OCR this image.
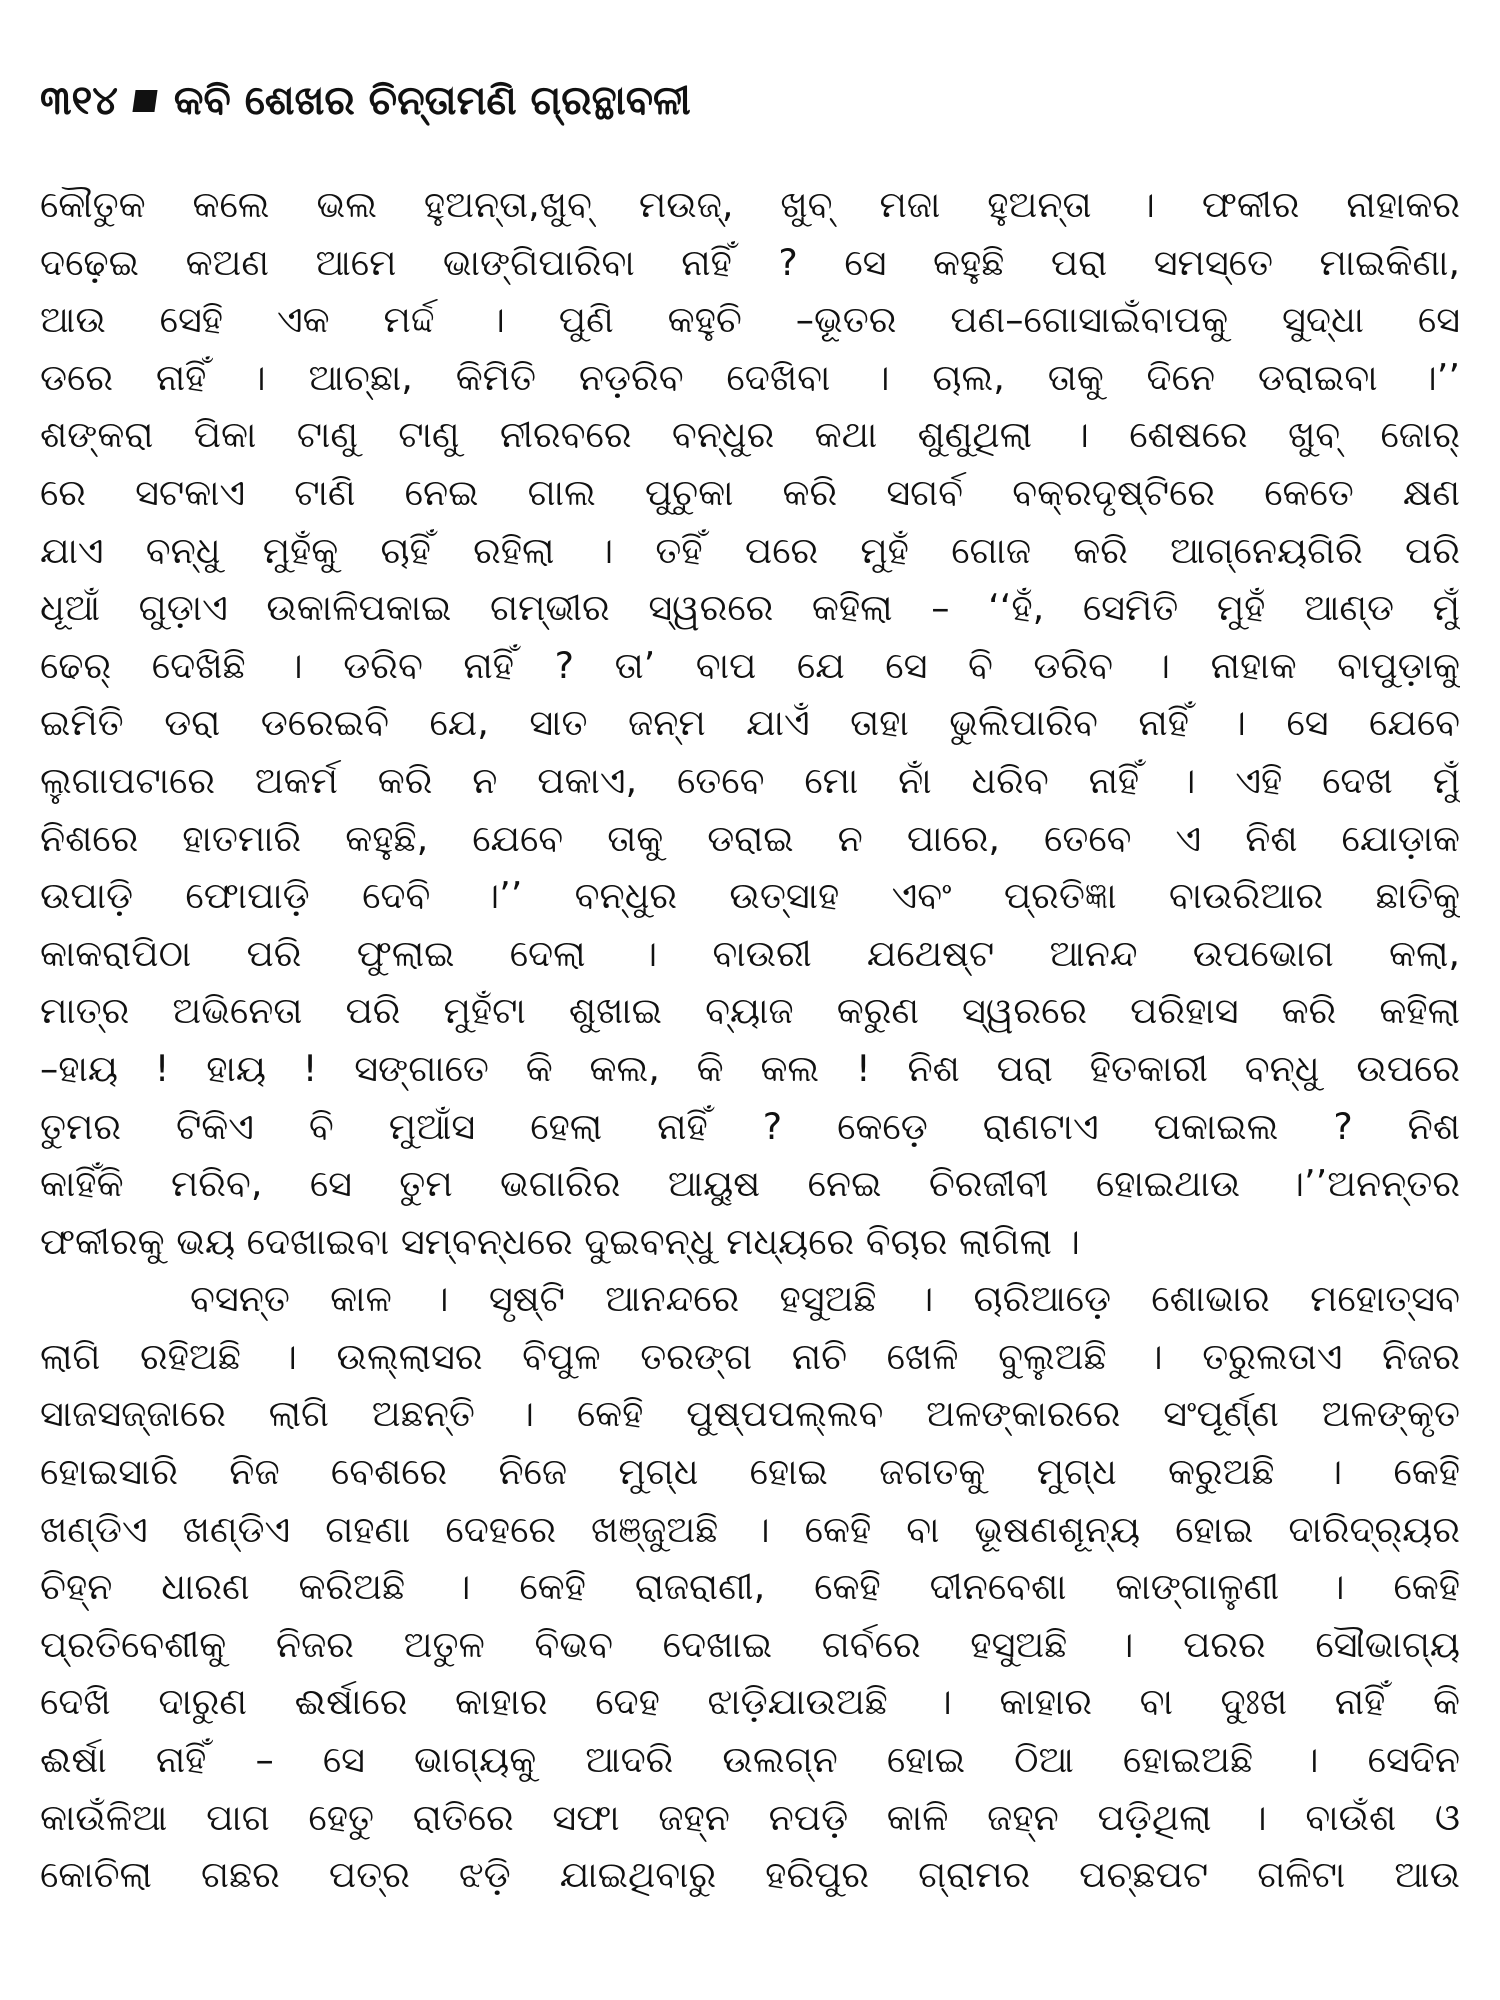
୩୧୪ କବି ଶେଖର ଚିନ୍ତାମଣି ଗ୍ରନ୍ଥାବଳୀ
କୌତୁକ କଲେ ଭଲ ହୁଅନ୍ତା,ଖୁବ୍ ମଉଜ୍, ଖୁବ୍ ମଜା ହୁଅନ୍ତା । ଫକୀର ନାହାକର
ଦଢ଼େଇ କଅଣ ଆମେ ଭାଙ୍ଗିପାରିବା ନାହିଁ ? ସେ କହୁଛି ପରା ସମସ୍ତେ ମାଇକିଣା,
ଆଉ ସେହି ଏକ ମର୍ଦ୍ଦ । ପୁଣି କହୁଚି –ଭୂତର ପଣ–ଗୋସାଇଁବାପକୁ ସୁଦ୍ଧା ସେ
ଡରେ ନାହିଁ । ଆଚ୍ଛା, କିମିତି ନଡ଼ରିବ ଦେଖିବା । ଚାଲ, ତାକୁ ଦିନେ ଡରାଇବା ।’’
ଶଙ୍କରା ପିକା ଟାଣୁ ଟାଣୁ ନୀରବରେ ବନ୍ଧୁର କଥା ଶୁଣୁଥିଲା । ଶେଷରେ ଖୁବ୍ ଜୋର୍
ରେ ସଟକାଏ ଟାଣି ନେଇ ଗାଲ ପୁଚୁକା କରି ସଗର୍ବ ବକ୍ରଦୃଷ୍ଟିରେ କେତେ କ୍ଷଣ
ଯାଏ ବନ୍ଧୁ ମୁହଁକୁ ଚାହିଁ ରହିଲା । ତହିଁ ପରେ ମୁହଁ ଗୋଜ କରି ଆଗ୍ନେୟଗିରି ପରି
ଧୂଆଁ ଗୁଡ଼ାଏ ଉକାଳିପକାଇ ଗମ୍ଭୀର ସ୍ୱରରେ କହିଲା – ‘‘ହଁ, ସେମିତି ମୁହଁ ଆଣ୍ଡ ମୁଁ
ଢେର୍ ଦେଖିଛି । ଡରିବ ନାହିଁ ? ତା’ ବାପ ଯେ ସେ ବି ଡରିବ । ନାହାକ ବାପୁଡ଼ାକୁ
ଇମିତି ଡରା ଡରେଇବି ଯେ, ସାତ ଜନ୍ମ ଯାଏଁ ତାହା ଭୁଲିପାରିବ ନାହିଁ । ସେ ଯେବେ
ଲୁଗାପଟାରେ ଅକର୍ମ କରି ନ ପକାଏ, ତେବେ ମୋ ନାଁ ଧରିବ ନାହିଁ । ଏହି ଦେଖ ମୁଁ
ନିଶରେ ହାତମାରି କହୁଛି, ଯେବେ ତାକୁ ଡରାଇ ନ ପାରେ, ତେବେ ଏ ନିଶ ଯୋଡ଼ାକ
ଉପାଡ଼ି ଫୋପାଡ଼ି ଦେବି ।’’ ବନ୍ଧୁର ଉତ୍ସାହ ଏବଂ ପ୍ରତିଜ୍ଞା ବାଉରିଆର ଛାତିକୁ
କାକରାପିଠା ପରି ଫୁଲାଇ ଦେଲା । ବାଉରୀ ଯଥେଷ୍ଟ ଆନନ୍ଦ ଉପଭୋଗ କଲା,
ମାତ୍ର ଅଭିନେତା ପରି ମୁହଁଟା ଶୁଖାଇ ବ୍ୟାଜ କରୁଣ ସ୍ୱରରେ ପରିହାସ କରି କହିଲା
–ହାୟ ! ହାୟ ! ସଙ୍ଗାତେ କି କଲ, କି କଲ ! ନିଶ ପରା ହିତକାରୀ ବନ୍ଧୁ ଉପରେ
ତୁମର ଟିକିଏ ବି ମୁଆଁସ ହେଲା ନାହିଁ ? କେଡ଼େ ରାଣଟାଏ ପକାଇଲ ? ନିଶ
କାହିଁକି ମରିବ, ସେ ତୁମ ଭଗାରିର ଆୟୁଷ ନେଇ ଚିରଜୀବୀ ହୋଇଥାଉ ।’’ଅନନ୍ତର
ଫକୀରକୁ ଭୟ ଦେଖାଇବା ସମ୍ବନ୍ଧରେ ଦୁଇବନ୍ଧୁ ମଧ୍ୟରେ ବିଚାର ଲାଗିଲା ।
ବସନ୍ତ କାଳ । ସୃଷ୍ଟି ଆନନ୍ଦରେ ହସୁଅଛି । ଚାରିଆଡ଼େ ଶୋଭାର ମହୋତ୍ସବ
ଲାଗି ରହିଅଛି । ଉଲ୍ଲାସର ବିପୁଳ ତରଙ୍ଗ ନାଚି ଖେଳି ବୁଲୁଅଛି । ତରୁଲତାଏ ନିଜର
ସାଜସଜ୍ଜାରେ ଲାଗି ଅଛନ୍ତି । କେହି ପୁଷ୍ପପଲ୍ଲବ ଅଳଙ୍କାରରେ ସଂପୂର୍ଣ୍ଣ ଅଳଙ୍କୃତ
ହୋଇସାରି ନିଜ ବେଶରେ ନିଜେ ମୁଗ୍ଧ ହୋଇ ଜଗତକୁ ମୁଗ୍ଧ କରୁଅଛି । କେହି
ଖଣ୍ଡିଏ ଖଣ୍ଡିଏ ଗହଣା ଦେହରେ ଖଞ୍ଜୁଅଛି । କେହି ବା ଭୂଷଣଶୂନ୍ୟ ହୋଇ ଦାରିଦ୍ର୍ୟର
ଚିହ୍ନ ଧାରଣ କରିଅଛି । କେହି ରାଜରାଣୀ, କେହି ଦୀନବେଶା କାଙ୍ଗାଳୁଣୀ । କେହି
ପ୍ରତିବେଶୀକୁ ନିଜର ଅତୁଳ ବିଭବ ଦେଖାଇ ଗର୍ବରେ ହସୁଅଛି । ପରର ସୌଭାଗ୍ୟ
ଦେଖି ଦାରୁଣ ଈର୍ଷାରେ କାହାର ଦେହ ଝାଡ଼ିଯାଉଅଛି । କାହାର ବା ଦୁଃଖ ନାହିଁ କି
ଈର୍ଷା ନାହିଁ – ସେ ଭାଗ୍ୟକୁ ଆଦରି ଉଲଗ୍ନ ହୋଇ ଠିଆ ହୋଇଅଛି । ସେଦିନ
କାଉଁଳିଆ ପାଗ ହେତୁ ରାତିରେ ସଫା ଜହ୍ନ ନପଡ଼ି କାଳି ଜହ୍ନ ପଡ଼ିଥିଲା । ବାଉଁଶ ଓ
କୋଚିଲା ଗଛର ପତ୍ର ଝଡ଼ି ଯାଇଥିବାରୁ ହରିପୁର ଗ୍ରାମର ପଚ୍ଛପଟ ଗଳିଟା ଆଉ
